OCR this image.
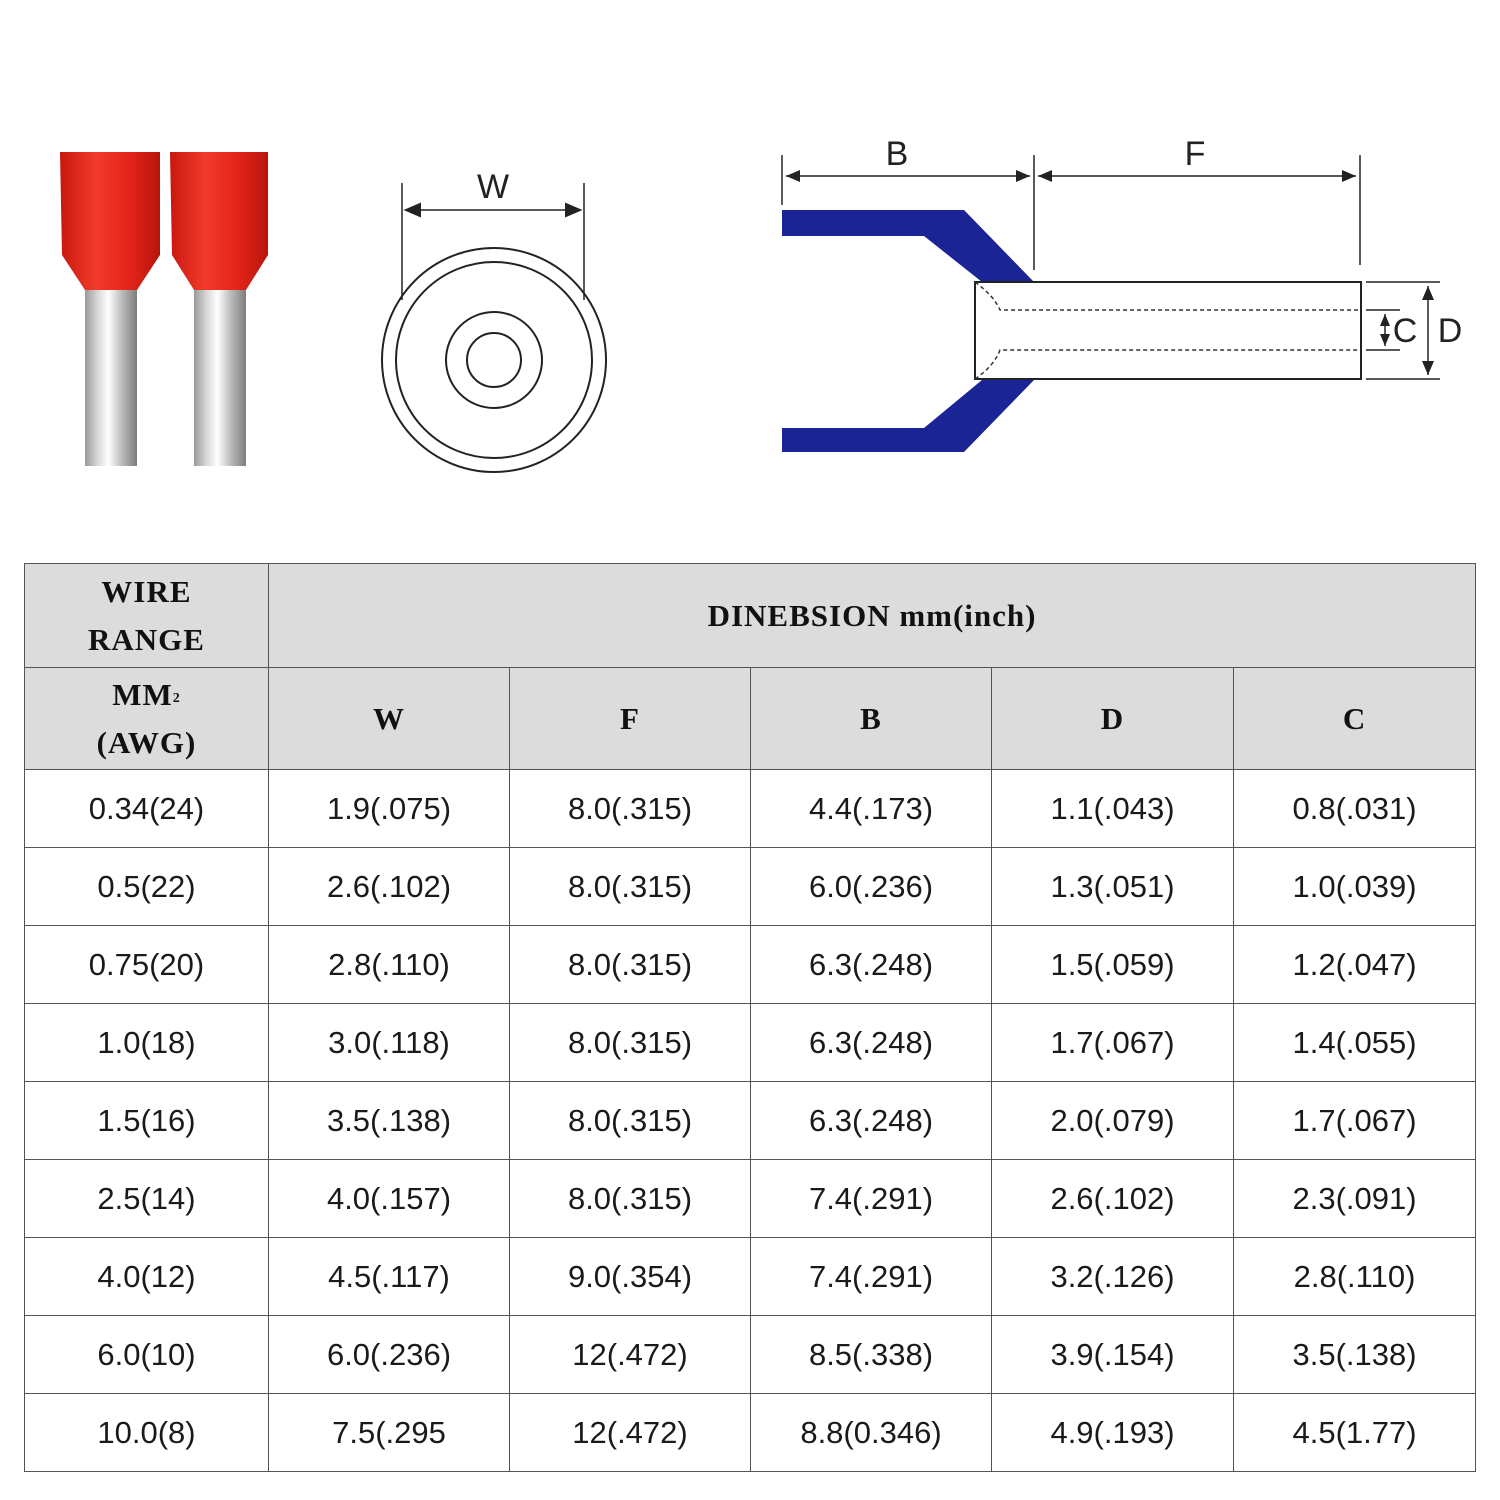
W
B	F
C D
WIRE
RANGE	DINEBSION mm(inch)				

$MM^2$
(AWG)	W	F	B	D	C
0.34(24)	1.9(.075)	8.0(.315)	4.4(.173)	1.1(.043)	0.8(.031)
0.5(22)	2.6(.102)	8.0(.315)	6.0(.236)	1.3(.051)	1.0(.039)
0.75(20)	2.8(.110)	8.0(.315)	6.3(.248)	1.5(.059)	1.2(.047)
1.0(18)	3.0(.118)	8.0(.315)	6.3(.248)	1.7(.067)	1.4(.055)
1.5(16)	3.5(.138)	8.0(.315)	6.3(.248)	2.0(.079)	1.7(.067)
2.5(14)	4.0(.157)	8.0(.315)	7.4(.291)	2.6(.102)	2.3(.091)
4.0(12)	4.5(.117)	9.0(.354)	7.4(.291)	3.2(.126)	2.8(.110)
6.0(10)	6.0(.236)	12(.472)	8.5(.338)	3.9(.154)	3.5(.138)
10.0(8)	7.5(.295	12(.472)	8.8(0.346)	4.9(.193)	4.5(1.77)
